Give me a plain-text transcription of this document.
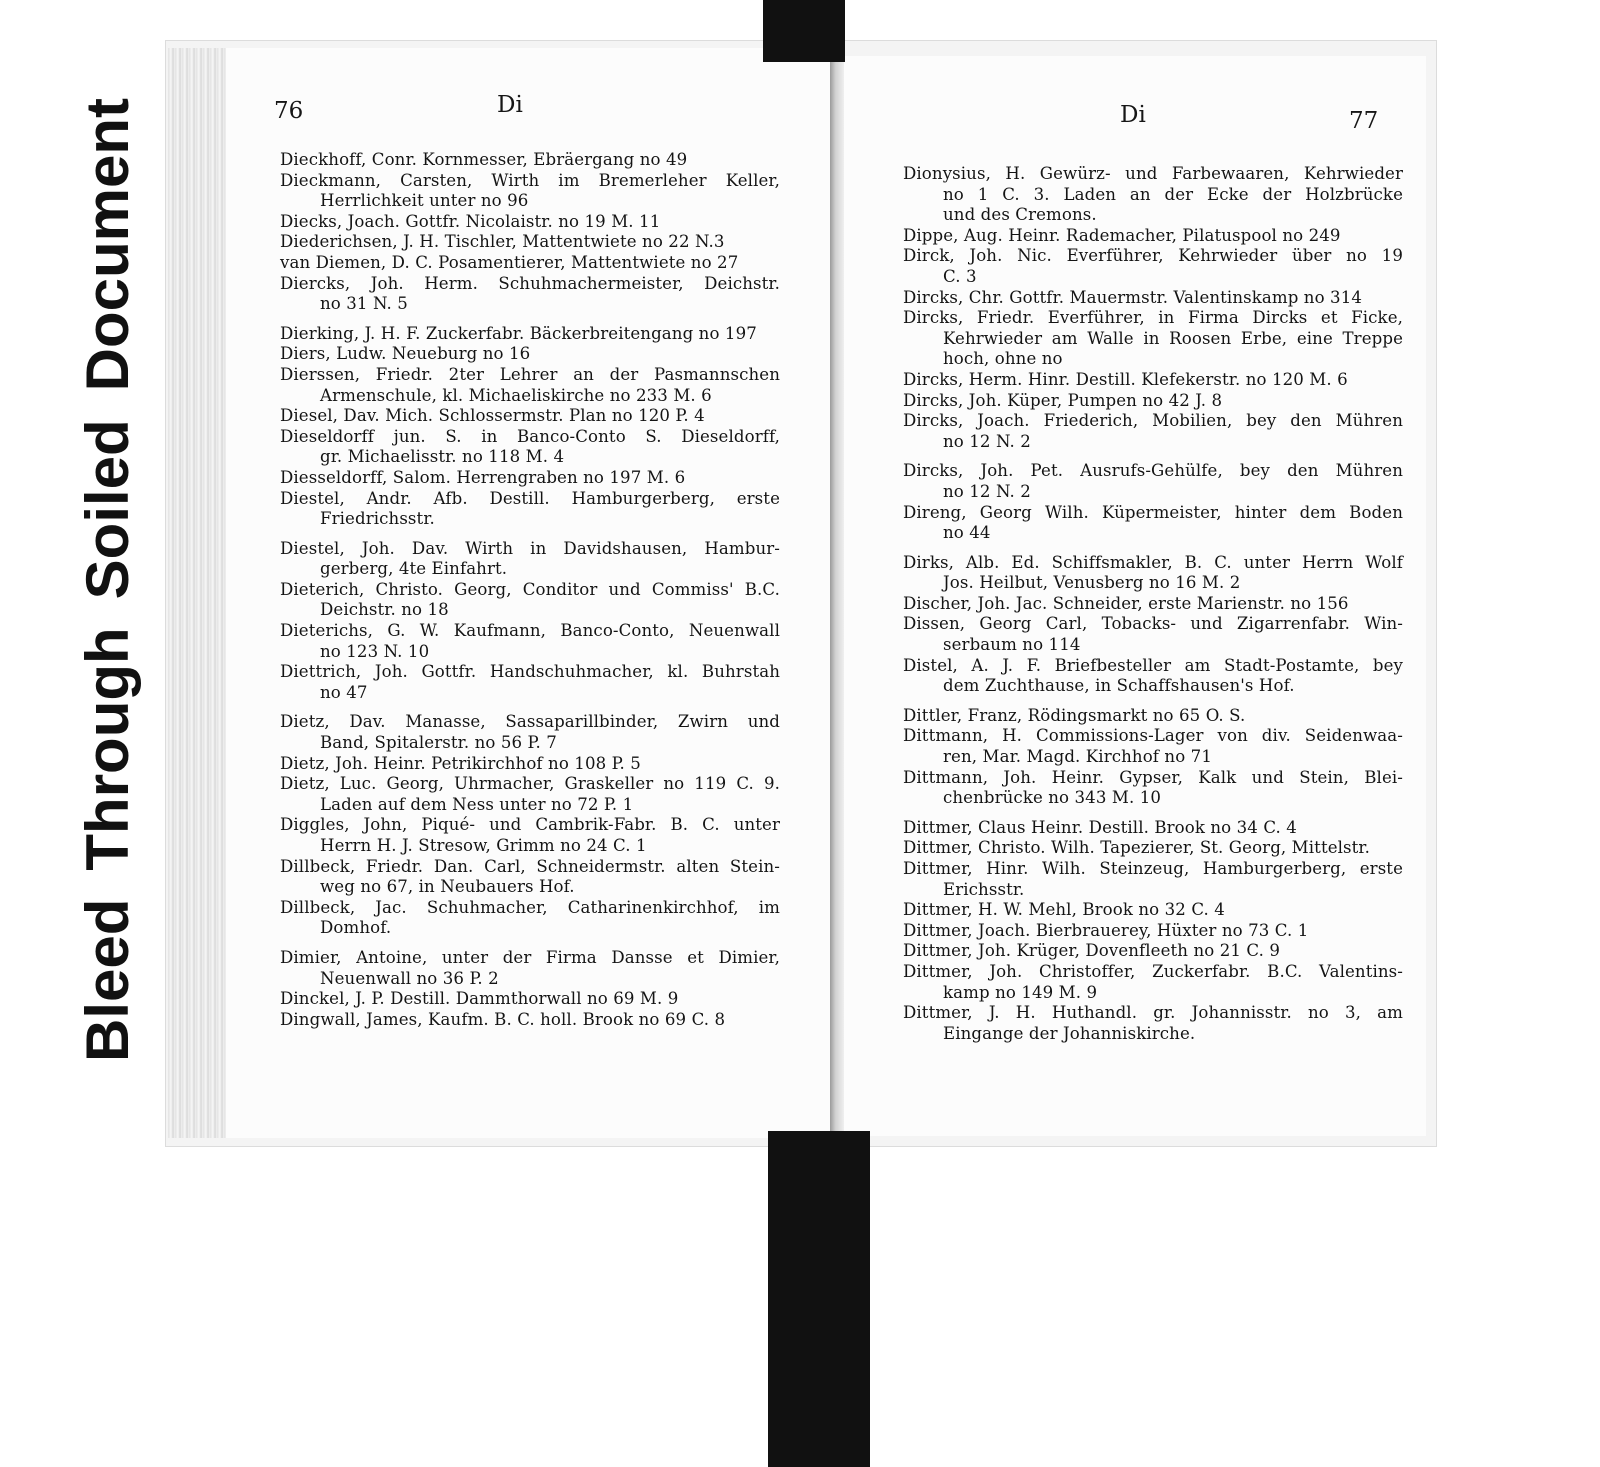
Bleed
Through
Soiled
Document	76	Di	Di	77
Dieckhoff, Conr. Kornmesser, Ebräergang no 49
Dieckmann, Carsten, Wirth im Bremerleher Keller,
Herrlichkeit unter no 96
Diecks, Joach. Gottfr. Nicolaistr. no 19 M. 11
Diederichsen, J. H. Tischler, Mattentwiete no 22 N.3
van Diemen, D. C. Posamentierer, Mattentwiete no 27
Diercks, Joh. Herm. Schuhmachermeister, Deichstr.
no 31 N. 5
Dierking, J. H. F. Zuckerfabr. Bäckerbreitengang no 197
Diers, Ludw. Neueburg no 16
Dierssen, Friedr. 2ter Lehrer an der Pasmannschen
Armenschule, kl. Michaeliskirche no 233 M. 6
Diesel, Dav. Mich. Schlossermstr. Plan no 120 P. 4
Dieseldorff jun. S. in Banco-Conto S. Dieseldorff,
gr. Michaelisstr. no 118 M. 4
Diesseldorff, Salom. Herrengraben no 197 M. 6
Diestel, Andr. Afb. Destill. Hamburgerberg, erste
Friedrichsstr.
Diestel, Joh. Dav. Wirth in Davidshausen, Hambur-
gerberg, 4te Einfahrt.
Dieterich, Christo. Georg, Conditor und Commiss' B.C.
Deichstr. no 18
Dieterichs, G. W. Kaufmann, Banco-Conto, Neuenwall
no 123 N. 10
Diettrich, Joh. Gottfr. Handschuhmacher, kl. Buhrstah
no 47
Dietz, Dav. Manasse, Sassaparillbinder, Zwirn und
Band, Spitalerstr. no 56 P. 7
Dietz, Joh. Heinr. Petrikirchhof no 108 P. 5
Dietz, Luc. Georg, Uhrmacher, Graskeller no 119 C. 9.
Laden auf dem Ness unter no 72 P. 1
Diggles, John, Piqué- und Cambrik-Fabr. B. C. unter
Herrn H. J. Stresow, Grimm no 24 C. 1
Dillbeck, Friedr. Dan. Carl, Schneidermstr. alten Stein-
weg no 67, in Neubauers Hof.
Dillbeck, Jac. Schuhmacher, Catharinenkirchhof, im
Domhof.
Dimier, Antoine, unter der Firma Dansse et Dimier,
Neuenwall no 36 P. 2
Dinckel, J. P. Destill. Dammthorwall no 69 M. 9
Dingwall, James, Kaufm. B. C. holl. Brook no 69 C. 8
Dionysius, H. Gewürz- und Farbewaaren, Kehrwieder
no 1 C. 3. Laden an der Ecke der Holzbrücke
und des Cremons.
Dippe, Aug. Heinr. Rademacher, Pilatuspool no 249
Dirck, Joh. Nic. Everführer, Kehrwieder über no 19
C. 3
Dircks, Chr. Gottfr. Mauermstr. Valentinskamp no 314
Dircks, Friedr. Everführer, in Firma Dircks et Ficke,
Kehrwieder am Walle in Roosen Erbe, eine Treppe
hoch, ohne no
Dircks, Herm. Hinr. Destill. Klefekerstr. no 120 M. 6
Dircks, Joh. Küper, Pumpen no 42 J. 8
Dircks, Joach. Friederich, Mobilien, bey den Mühren
no 12 N. 2
Dircks, Joh. Pet. Ausrufs-Gehülfe, bey den Mühren
no 12 N. 2
Direng, Georg Wilh. Küpermeister, hinter dem Boden
no 44
Dirks, Alb. Ed. Schiffsmakler, B. C. unter Herrn Wolf
Jos. Heilbut, Venusberg no 16 M. 2
Discher, Joh. Jac. Schneider, erste Marienstr. no 156
Dissen, Georg Carl, Tobacks- und Zigarrenfabr. Win-
serbaum no 114
Distel, A. J. F. Briefbesteller am Stadt-Postamte, bey
dem Zuchthause, in Schaffshausen's Hof.
Dittler, Franz, Rödingsmarkt no 65 O. S.
Dittmann, H. Commissions-Lager von div. Seidenwaa-
ren, Mar. Magd. Kirchhof no 71
Dittmann, Joh. Heinr. Gypser, Kalk und Stein, Blei-
chenbrücke no 343 M. 10
Dittmer, Claus Heinr. Destill. Brook no 34 C. 4
Dittmer, Christo. Wilh. Tapezierer, St. Georg, Mittelstr.
Dittmer, Hinr. Wilh. Steinzeug, Hamburgerberg, erste
Erichsstr.
Dittmer, H. W. Mehl, Brook no 32 C. 4
Dittmer, Joach. Bierbrauerey, Hüxter no 73 C. 1
Dittmer, Joh. Krüger, Dovenfleeth no 21 C. 9
Dittmer, Joh. Christoffer, Zuckerfabr. B.C. Valentins-
kamp no 149 M. 9
Dittmer, J. H. Huthandl. gr. Johannisstr. no 3, am
Eingange der Johanniskirche.
